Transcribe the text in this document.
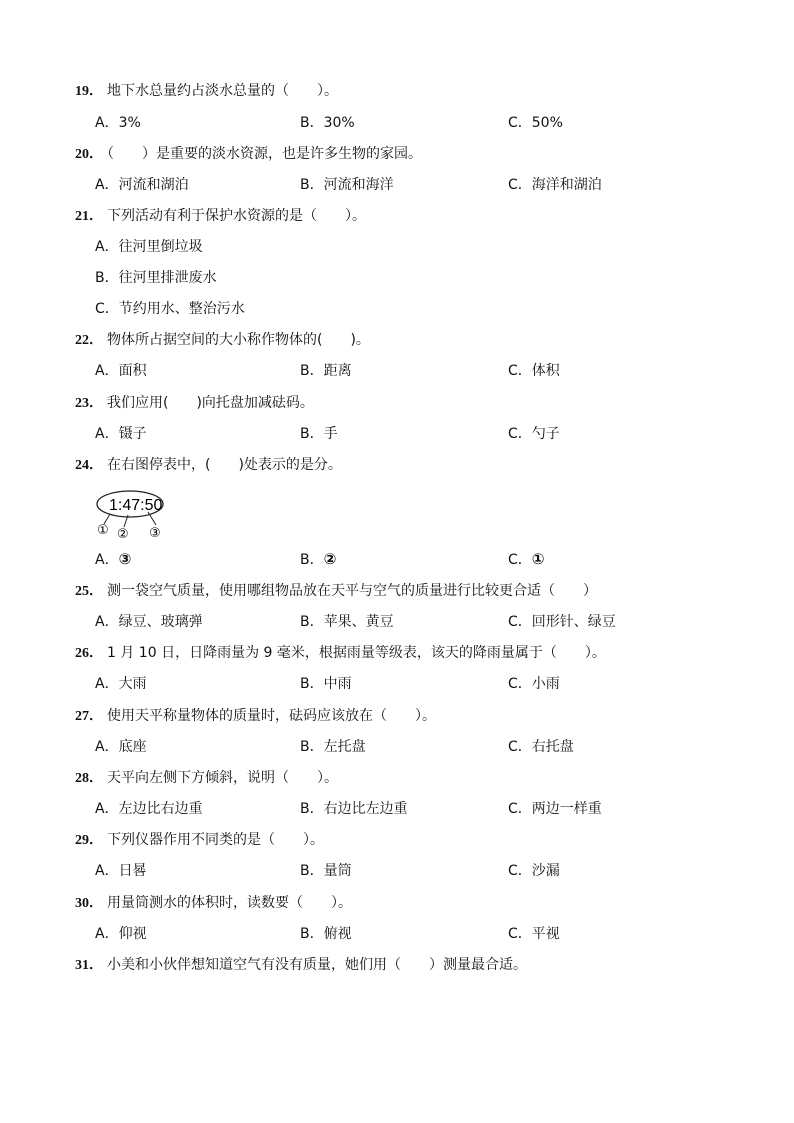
19． 地下水总量约占淡水总量的（　　）。
A．3%	B．30%	C．50%
20． （　　）是重要的淡水资源，也是许多生物的家园。
A．河流和湖泊	B．河流和海洋	C．海洋和湖泊
21． 下列活动有利于保护水资源的是（　　）。
A．往河里倒垃圾
B．往河里排泄废水
C．节约用水、整治污水
22． 物体所占据空间的大小称作物体的(　　)。
A．面积	B．距离	C．体积
23． 我们应用(　　)向托盘加减砝码。
A．镊子	B．手	C．勺子
24． 在右图停表中，(　　)处表示的是分。
1:47:50
① ② ③
A．③	B．②	C．①
25． 测一袋空气质量，使用哪组物品放在天平与空气的质量进行比较更合适（　　）
A．绿豆、玻璃弹	B．苹果、黄豆	C．回形针、绿豆
26． 1 月 10 日，日降雨量为 9 毫米，根据雨量等级表，该天的降雨量属于（　　）。
A．大雨	B．中雨	C．小雨
27． 使用天平称量物体的质量时，砝码应该放在（　　）。
A．底座	B．左托盘	C．右托盘
28． 天平向左侧下方倾斜，说明（　　）。
A．左边比右边重	B．右边比左边重	C．两边一样重
29． 下列仪器作用不同类的是（　　）。
A．日晷	B．量筒	C．沙漏
30． 用量筒测水的体积时，读数要（　　）。
A．仰视	B．俯视	C．平视
31． 小美和小伙伴想知道空气有没有质量，她们用（　　）测量最合适。
